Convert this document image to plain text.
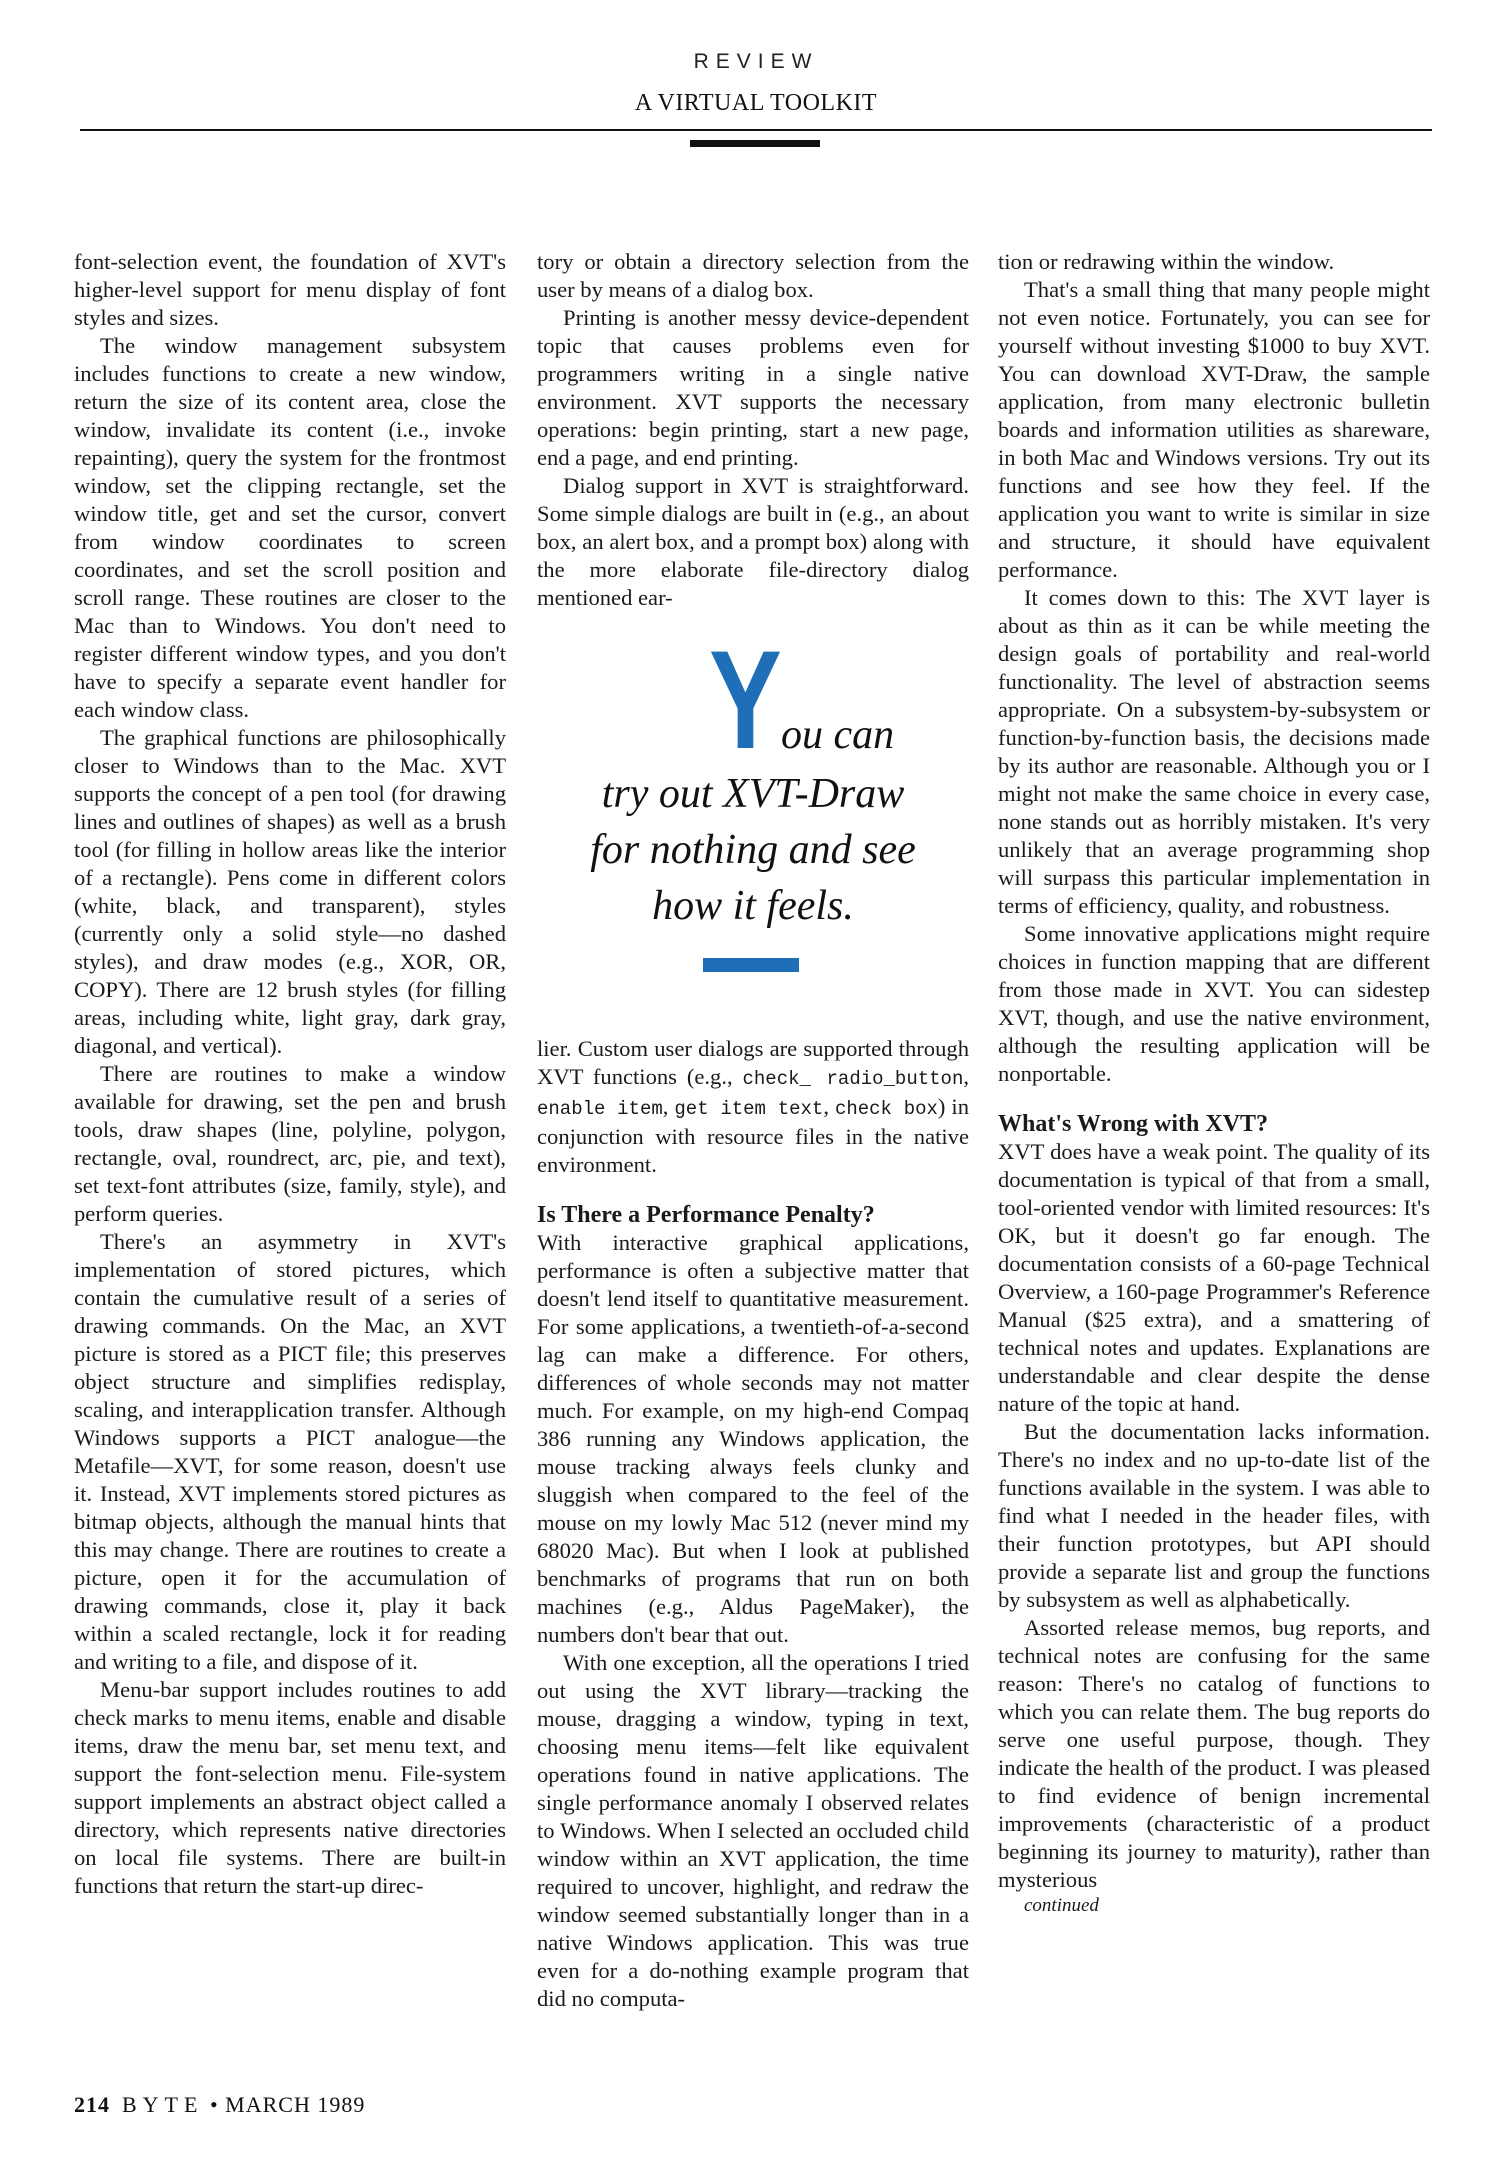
REVIEW
A VIRTUAL TOOLKIT

font-selection event, the foundation of XVT's higher-level support for menu display of font styles and sizes.

The window management subsystem includes functions to create a new window, return the size of its content area, close the window, invalidate its content (i.e., invoke repainting), query the system for the frontmost window, set the clipping rectangle, set the window title, get and set the cursor, convert from window coordinates to screen coordinates, and set the scroll position and scroll range. These routines are closer to the Mac than to Windows. You don't need to register different window types, and you don't have to specify a separate event handler for each window class.

The graphical functions are philosophically closer to Windows than to the Mac. XVT supports the concept of a pen tool (for drawing lines and outlines of shapes) as well as a brush tool (for filling in hollow areas like the interior of a rectangle). Pens come in different colors (white, black, and transparent), styles (currently only a solid style—no dashed styles), and draw modes (e.g., XOR, OR, COPY). There are 12 brush styles (for filling areas, including white, light gray, dark gray, diagonal, and vertical).

There are routines to make a window available for drawing, set the pen and brush tools, draw shapes (line, polyline, polygon, rectangle, oval, roundrect, arc, pie, and text), set text-font attributes (size, family, style), and perform queries.

There's an asymmetry in XVT's implementation of stored pictures, which contain the cumulative result of a series of drawing commands. On the Mac, an XVT picture is stored as a PICT file; this preserves object structure and simplifies redisplay, scaling, and interapplication transfer. Although Windows supports a PICT analogue—the Metafile—XVT, for some reason, doesn't use it. Instead, XVT implements stored pictures as bitmap objects, although the manual hints that this may change. There are routines to create a picture, open it for the accumulation of drawing commands, close it, play it back within a scaled rectangle, lock it for reading and writing to a file, and dispose of it.

Menu-bar support includes routines to add check marks to menu items, enable and disable items, draw the menu bar, set menu text, and support the font-selection menu. File-system support implements an abstract object called a directory, which represents native directories on local file systems. There are built-in functions that return the start-up direc-

tory or obtain a directory selection from the user by means of a dialog box.

Printing is another messy device-dependent topic that causes problems even for programmers writing in a single native environment. XVT supports the necessary operations: begin printing, start a new page, end a page, and end printing.

Dialog support in XVT is straightforward. Some simple dialogs are built in (e.g., an about box, an alert box, and a prompt box) along with the more elaborate file-directory dialog mentioned ear-

Y ou can
try out XVT-Draw
for nothing and see
how it feels.

lier. Custom user dialogs are supported through XVT functions (e.g., check_ radio_button, enable item, get item text, check box) in conjunction with resource files in the native environment.

Is There a Performance Penalty?

With interactive graphical applications, performance is often a subjective matter that doesn't lend itself to quantitative measurement. For some applications, a twentieth-of-a-second lag can make a difference. For others, differences of whole seconds may not matter much. For example, on my high-end Compaq 386 running any Windows application, the mouse tracking always feels clunky and sluggish when compared to the feel of the mouse on my lowly Mac 512 (never mind my 68020 Mac). But when I look at published benchmarks of programs that run on both machines (e.g., Aldus PageMaker), the numbers don't bear that out.

With one exception, all the operations I tried out using the XVT library—tracking the mouse, dragging a window, typing in text, choosing menu items—felt like equivalent operations found in native applications. The single performance anomaly I observed relates to Windows. When I selected an occluded child window within an XVT application, the time required to uncover, highlight, and redraw the window seemed substantially longer than in a native Windows application. This was true even for a do-nothing example program that did no computa-

tion or redrawing within the window.

That's a small thing that many people might not even notice. Fortunately, you can see for yourself without investing $1000 to buy XVT. You can download XVT-Draw, the sample application, from many electronic bulletin boards and information utilities as shareware, in both Mac and Windows versions. Try out its functions and see how they feel. If the application you want to write is similar in size and structure, it should have equivalent performance.

It comes down to this: The XVT layer is about as thin as it can be while meeting the design goals of portability and real-world functionality. The level of abstraction seems appropriate. On a subsystem-by-subsystem or function-by-function basis, the decisions made by its author are reasonable. Although you or I might not make the same choice in every case, none stands out as horribly mistaken. It's very unlikely that an average programming shop will surpass this particular implementation in terms of efficiency, quality, and robustness.

Some innovative applications might require choices in function mapping that are different from those made in XVT. You can sidestep XVT, though, and use the native environment, although the resulting application will be nonportable.

What's Wrong with XVT?

XVT does have a weak point. The quality of its documentation is typical of that from a small, tool-oriented vendor with limited resources: It's OK, but it doesn't go far enough. The documentation consists of a 60-page Technical Overview, a 160-page Programmer's Reference Manual ($25 extra), and a smattering of technical notes and updates. Explanations are understandable and clear despite the dense nature of the topic at hand.

But the documentation lacks information. There's no index and no up-to-date list of the functions available in the system. I was able to find what I needed in the header files, with their function prototypes, but API should provide a separate list and group the functions by subsystem as well as alphabetically.

Assorted release memos, bug reports, and technical notes are confusing for the same reason: There's no catalog of functions to which you can relate them. The bug reports do serve one useful purpose, though. They indicate the health of the product. I was pleased to find evidence of benign incremental improvements (characteristic of a product beginning its journey to maturity), rather than mysterious

continued

214 BYTE • MARCH 1989
